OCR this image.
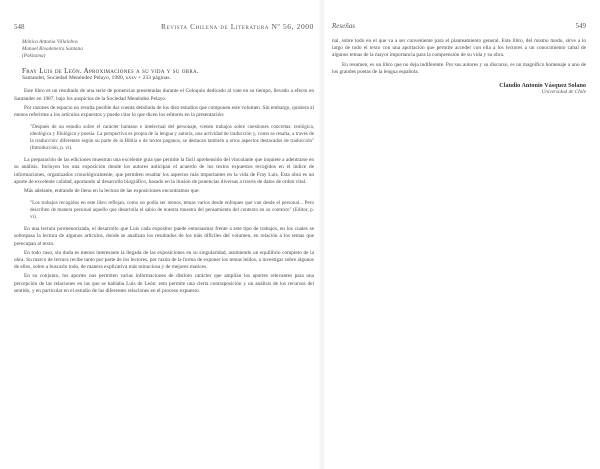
548	Revista Chilena de Literatura Nº 56, 2000
Mónica Antonia Villalobos
Manuel Rivadeneira Santana
(Pokitama)
Fray Luis de León. Aproximaciones a su vida y su obra.
Santander, Sociedad Menéndez Pelayo, 1980, xxxv + 233 páginas.

Este libro es un resultado de una serie de ponencias presentadas durante el Coloquio dedicado al vate en su tiempo, llevado a efecto en Santander en 1987, bajo los auspicios de la Sociedad Menéndez Pelayo.

Por razones de espacio no resulta posible dar cuenta detallada de los diez estudios que componen este volumen. Sin embargo, quisiera al menos referirme a los artículos expuestos y puede citar lo que dicen los editores en la presentación:

"Después de un estudio sobre el carácter humano e intelectual del personaje, vienen trabajos sobre cuestiones concretas: teológica, ideológica y filológica y poesía. La perspectiva es propia de la lengua y autoría, una actividad de traducción y, como se resalta, a través de la traducción: diferentes según su parte de la Biblia o de textos paganos, se destacan también a otros aspectos destacados de traducción" (Introducción, p. vi).

La preparación de las ediciones muestran una excelente guía que permite la fácil aprehensión del vinculante que inquiete a adentrarse en su análisis. Incluyen los una exposición donde los autores anticipan el acuerdo de los textos expuestos recogidos en el índice de informaciones, organizados cronológicamente, que permiten resaltar los aspectos más importantes en la vida de Fray Luis. Esta obra es un aporte de excelente calidad, aportando al desarrollo biográfico, basado en la ilusión de ponencias diversas a través de datos de orden vital.

Más adelante, entrando de lleno en la lectura de las exposiciones encontramos que:

"Los trabajos recogidos en este libro reflejan, como no podía ser menos, temas varios desde enfoques que van desde el personal... Pero describen de manera personal aquello que desarrolla el sabio de nuestra muestra del pensamiento del contexto en su contexto" (Editor, p. vi).

En una lectura pormenorizada, el desarrollo que Luis cada expositor puede entusiasmar frente a este tipo de trabajos, en los cuales se sobrepasa la lectura de algunos artículos, donde se analizan los resultados de los más difíciles del volumen, en relación a los temas que preocupan al texto.

En todo caso, sin duda es menos interesante la llegada de las exposiciones en su singularidad, asumiendo un equilibrio completo de la obra. Su marco de lectura recibe tanto por parte de los lectores, por razón de la forma de exponer los temas leídos, a investigar sobre algunos de ellos, sobre a buscarlo todo, de manera explicativa más minuciosa y de mejores matices.

En su conjunto, los aportes nos permiten varias informaciones de distinto carácter que amplían los aportes relevantes para una percepción de las relaciones en las que se hablaba Luis de León: esto permite una cierta contraposición y un análisis de los recursos del sentido, y en particular en el estudio de las diferentes relaciones en el proceso expuesto.

Reseñas	549

nal, sobre todo en el que va a ser conveniente para el planteamiento general. Este libro, del mismo modo, sirve a lo largo de todo el texto con una aportación que permite acceder con ella a los lectores a un conocimiento cabal de algunos temas de la mayor importancia para la comprensión de su vida y su obra.

En resumen, es un libro que no deja indiferente. Por sus autores y su discurso, es un magnífico homenaje a uno de los grandes poetas de la lengua española.

Claudio Antonio Vásquez Solano
Universidad de Chile
